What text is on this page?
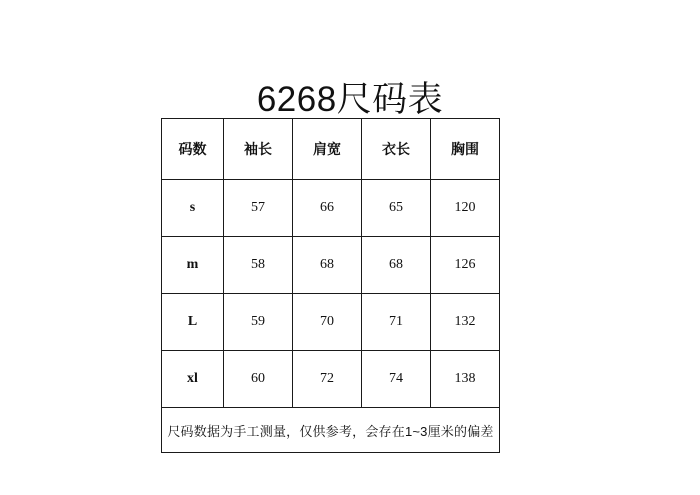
6268尺码表
码数	袖长	肩宽	衣长	胸围
s	57	66	65	120
m	58	68	68	126
L	59	70	71	132
xl	60	72	74	138
尺码数据为手工测量，仅供参考，会存在1~3厘米的偏差				
